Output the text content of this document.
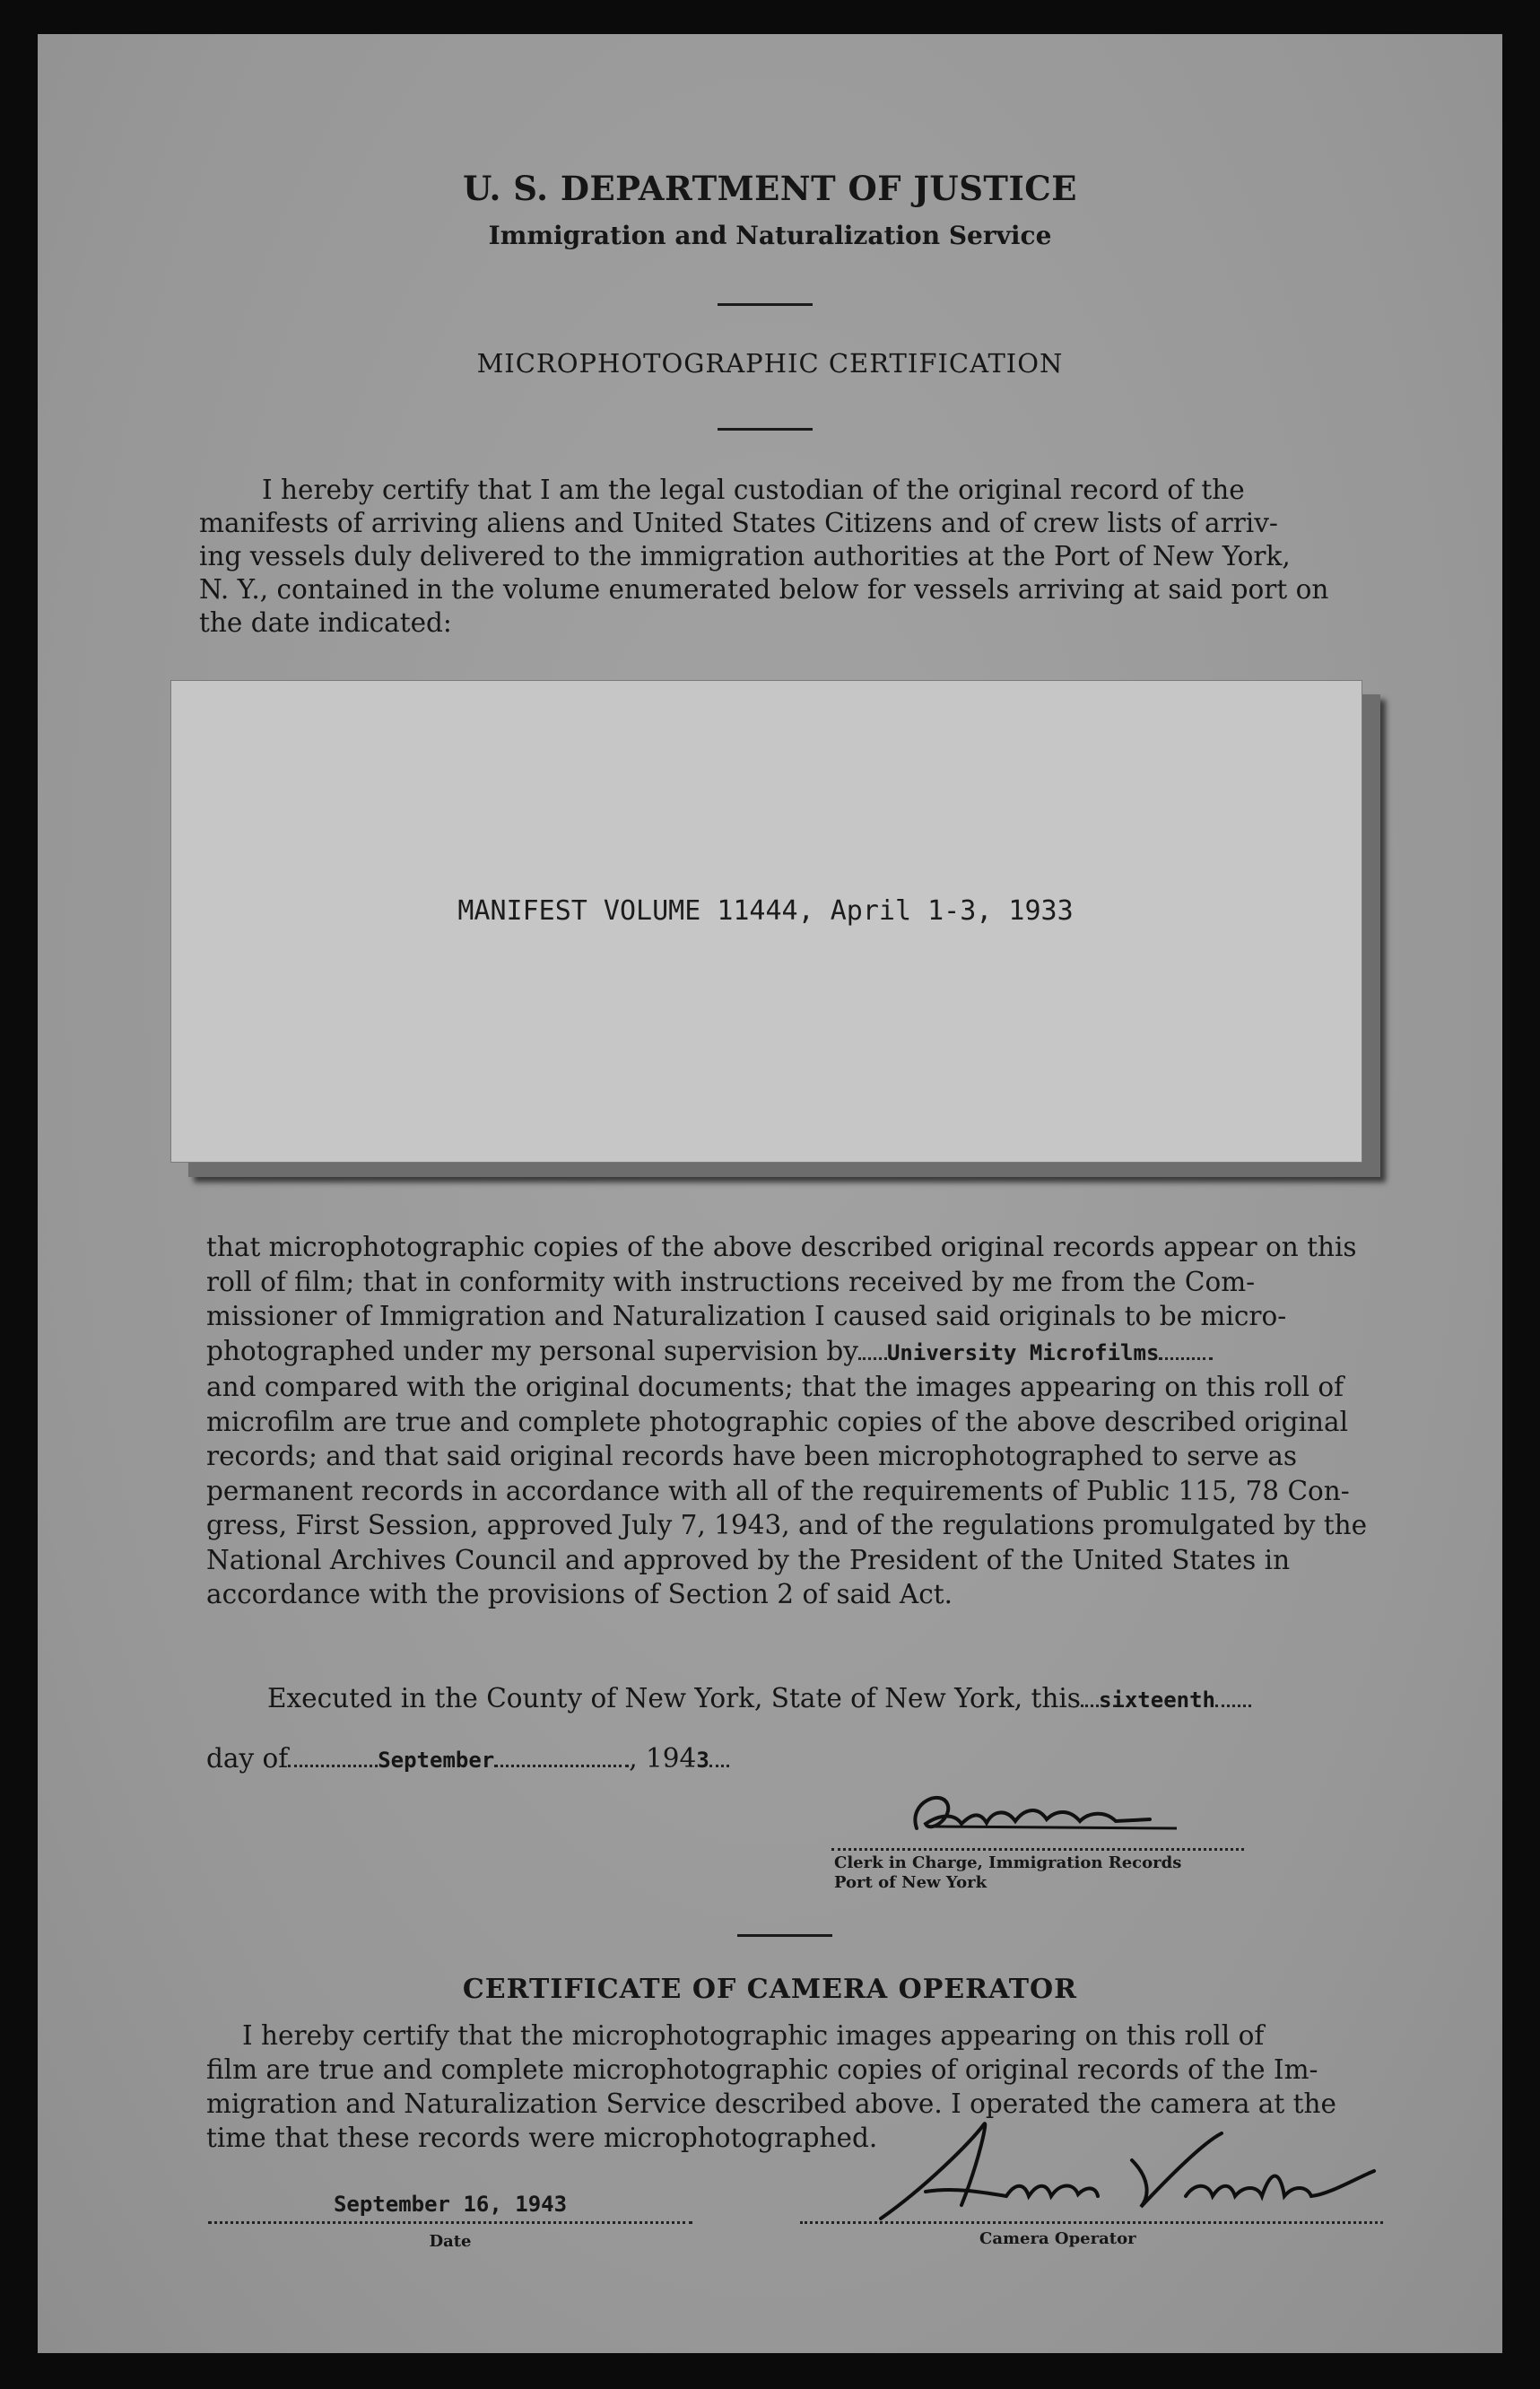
U. S. DEPARTMENT OF JUSTICE
Immigration and Naturalization Service
MICROPHOTOGRAPHIC CERTIFICATION
I hereby certify that I am the legal custodian of the original record of the
manifests of arriving aliens and United States Citizens and of crew lists of arriv-
ing vessels duly delivered to the immigration authorities at the Port of New York,
N. Y., contained in the volume enumerated below for vessels arriving at said port on
the date indicated:
MANIFEST VOLUME 11444, April 1-3, 1933
that microphotographic copies of the above described original records appear on this
roll of film; that in conformity with instructions received by me from the Com-
missioner of Immigration and Naturalization I caused said originals to be micro-
photographed under my personal supervision by University Microfilms
and compared with the original documents; that the images appearing on this roll of
microfilm are true and complete photographic copies of the above described original
records; and that said original records have been microphotographed to serve as
permanent records in accordance with all of the requirements of Public 115, 78 Con-
gress, First Session, approved July 7, 1943, and of the regulations promulgated by the
National Archives Council and approved by the President of the United States in
accordance with the provisions of Section 2 of said Act.
Executed in the County of New York, State of New York, this sixteenth
day of	September	, 1943
Clerk in Charge, Immigration Records
Port of New York
CERTIFICATE OF CAMERA OPERATOR
I hereby certify that the microphotographic images appearing on this roll of
film are true and complete microphotographic copies of original records of the Im-
migration and Naturalization Service described above. I operated the camera at the
time that these records were microphotographed.
September 16, 1943
Date	Camera Operator
